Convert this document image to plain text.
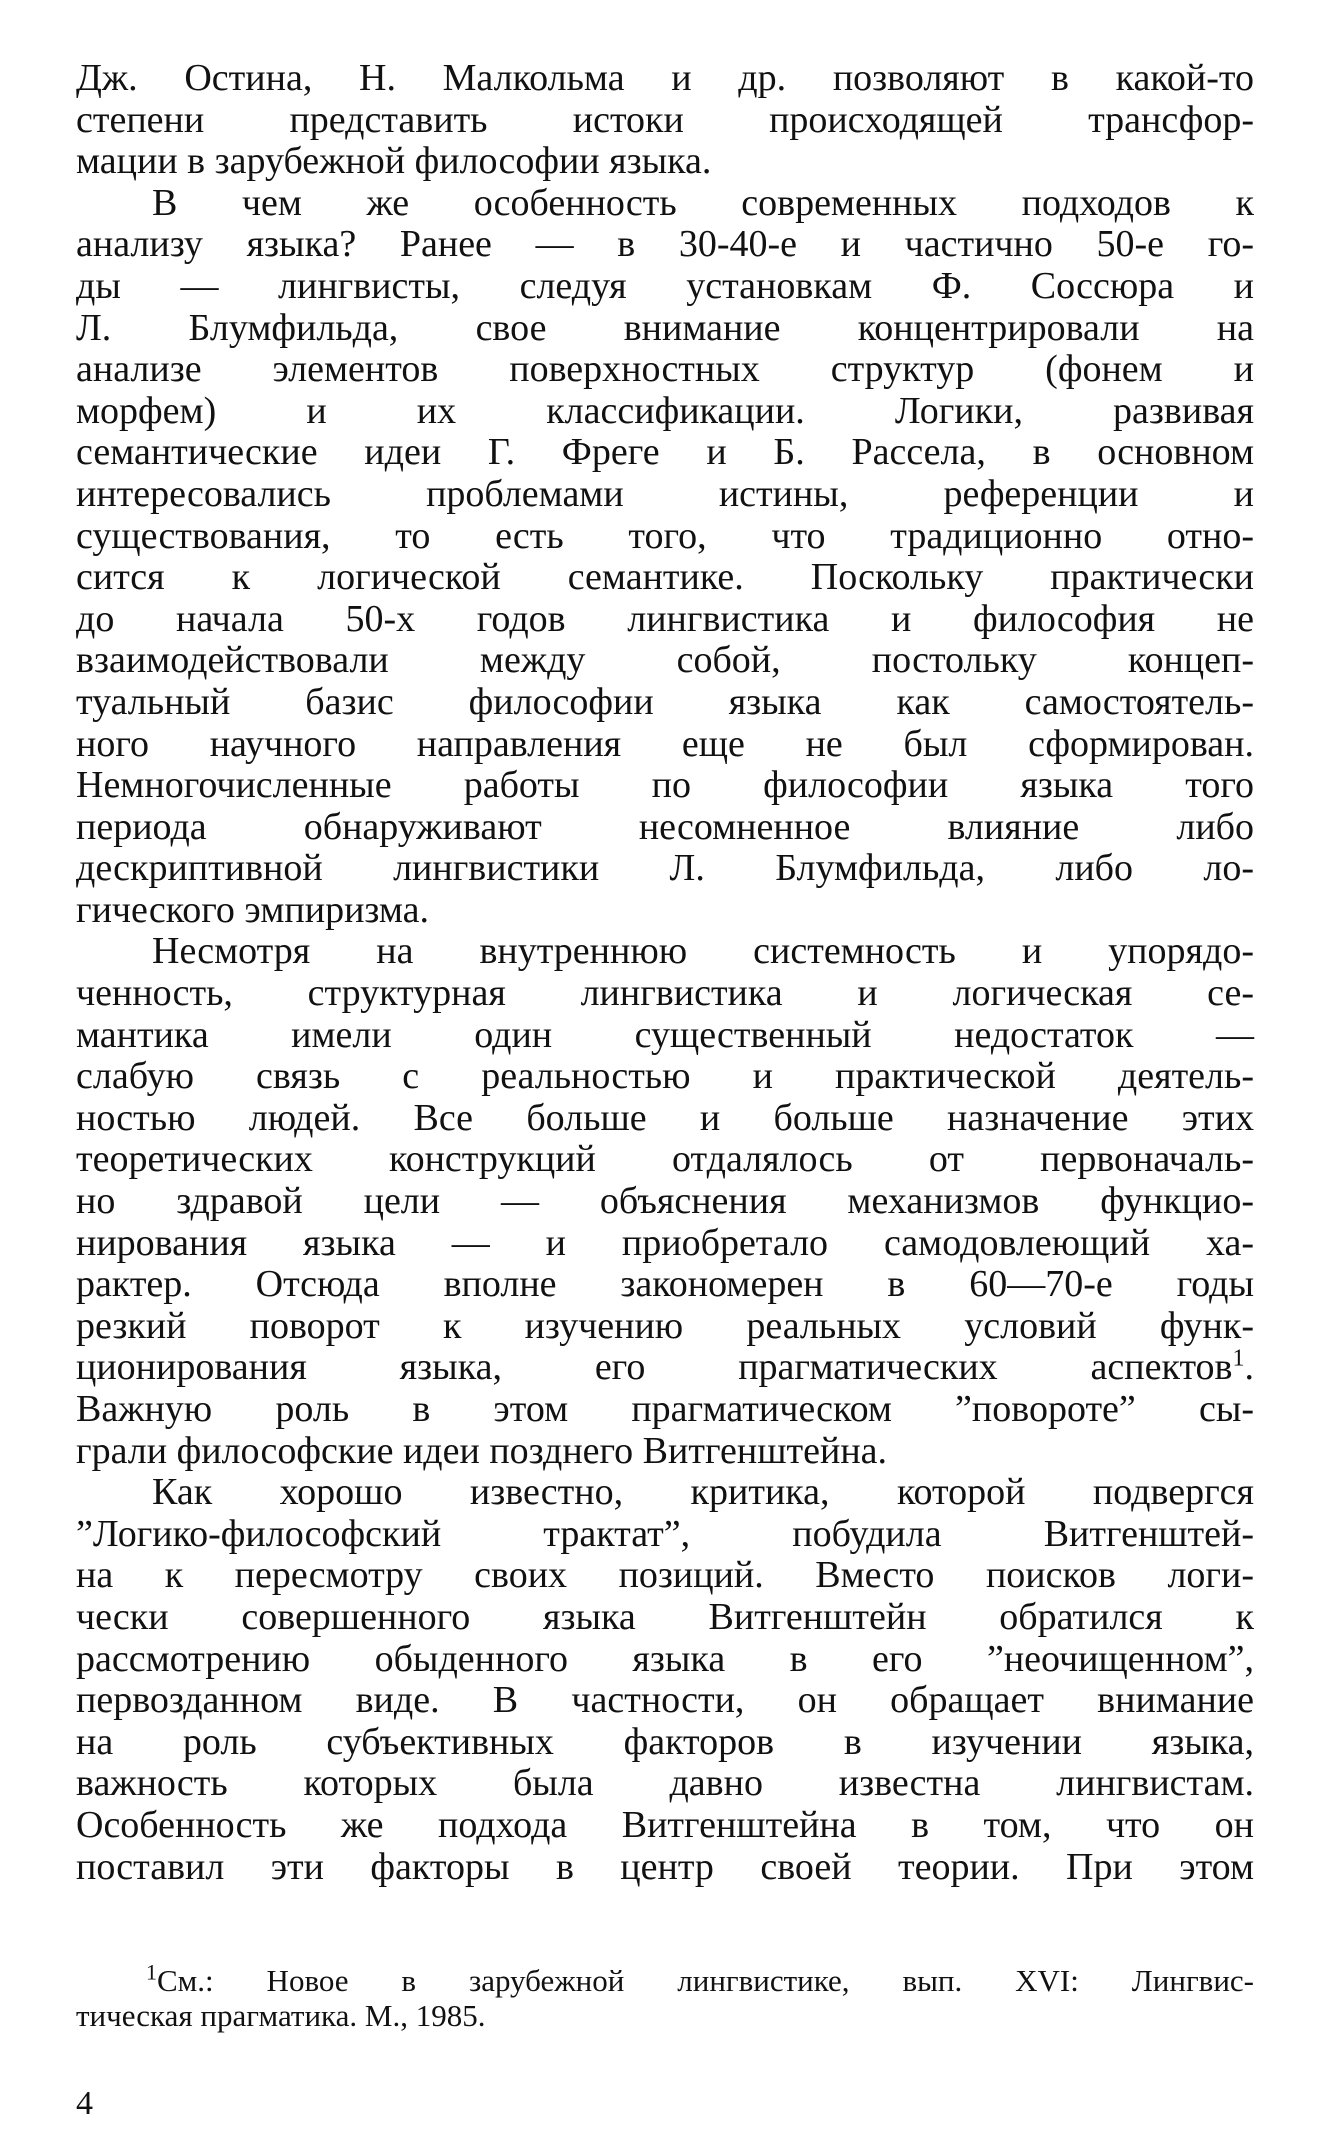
Дж. Остина, Н. Малкольма и др. позволяют в какой-то
степени представить истоки происходящей трансфор-
мации в зарубежной философии языка.
В чем же особенность современных подходов к
анализу языка? Ранее — в 30-40-е и частично 50-е го-
ды — лингвисты, следуя установкам Ф. Соссюра и
Л. Блумфильда, свое внимание концентрировали на
анализе элементов поверхностных структур (фонем и
морфем) и их классификации. Логики, развивая
семантические идеи Г. Фреге и Б. Рассела, в основном
интересовались проблемами истины, референции и
существования, то есть того, что традиционно отно-
сится к логической семантике. Поскольку практически
до начала 50-х годов лингвистика и философия не
взаимодействовали между собой, постольку концеп-
туальный базис философии языка как самостоятель-
ного научного направления еще не был сформирован.
Немногочисленные работы по философии языка того
периода обнаруживают несомненное влияние либо
дескриптивной лингвистики Л. Блумфильда, либо ло-
гического эмпиризма.
Несмотря на внутреннюю системность и упорядо-
ченность, структурная лингвистика и логическая се-
мантика имели один существенный недостаток —
слабую связь с реальностью и практической деятель-
ностью людей. Все больше и больше назначение этих
теоретических конструкций отдалялось от первоначаль-
но здравой цели — объяснения механизмов функцио-
нирования языка — и приобретало самодовлеющий ха-
рактер. Отсюда вполне закономерен в 60—70-е годы
резкий поворот к изучению реальных условий функ-
ционирования языка, его прагматических аспектов$^1$.
Важную роль в этом прагматическом ”повороте” сы-
грали философские идеи позднего Витгенштейна.
Как хорошо известно, критика, которой подвергся
”Логико-философский трактат”, побудила Витгенштей-
на к пересмотру своих позиций. Вместо поисков логи-
чески совершенного языка Витгенштейн обратился к
рассмотрению обыденного языка в его ”неочищенном”,
первозданном виде. В частности, он обращает внимание
на роль субъективных факторов в изучении языка,
важность которых была давно известна лингвистам.
Особенность же подхода Витгенштейна в том, что он
поставил эти факторы в центр своей теории. При этом
$^1$См.: Новое в зарубежной лингвистике, вып. XVI: Лингвис-
тическая прагматика. М., 1985.
4
